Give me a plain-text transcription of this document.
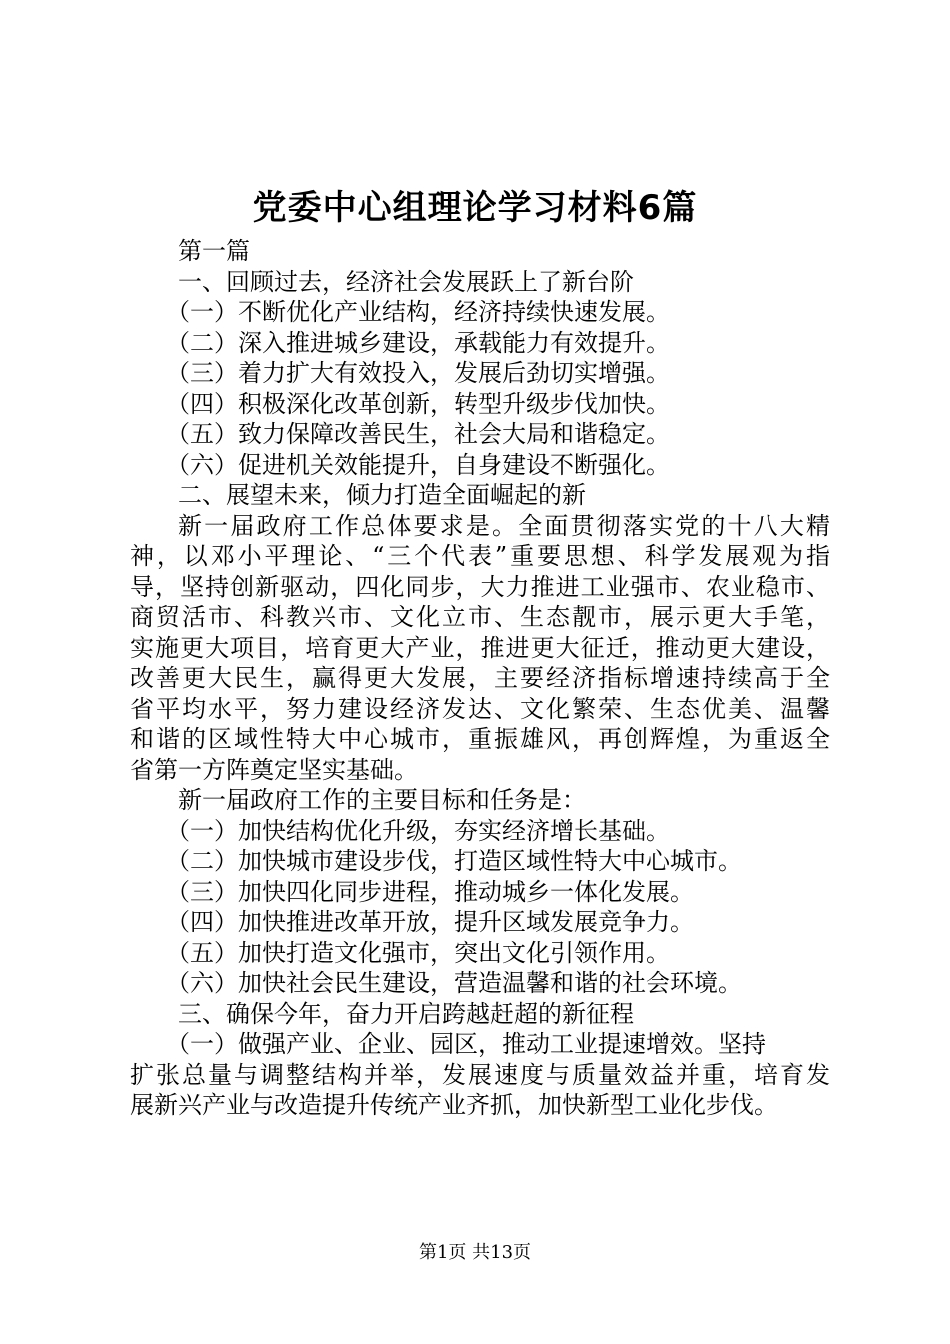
党委中心组理论学习材料6篇
第一篇
一、回顾过去，经济社会发展跃上了新台阶
（一）不断优化产业结构，经济持续快速发展。
（二）深入推进城乡建设，承载能力有效提升。
（三）着力扩大有效投入，发展后劲切实增强。
（四）积极深化改革创新，转型升级步伐加快。
（五）致力保障改善民生，社会大局和谐稳定。
（六）促进机关效能提升，自身建设不断强化。
二、展望未来，倾力打造全面崛起的新
新一届政府工作总体要求是。全面贯彻落实党的十八大精
神，以邓小平理论、“三个代表”重要思想、科学发展观为指
导，坚持创新驱动，四化同步，大力推进工业强市、农业稳市、
商贸活市、科教兴市、文化立市、生态靓市，展示更大手笔，
实施更大项目，培育更大产业，推进更大征迁，推动更大建设，
改善更大民生，赢得更大发展，主要经济指标增速持续高于全
省平均水平，努力建设经济发达、文化繁荣、生态优美、温馨
和谐的区域性特大中心城市，重振雄风，再创辉煌，为重返全
省第一方阵奠定坚实基础。
新一届政府工作的主要目标和任务是：
（一）加快结构优化升级，夯实经济增长基础。
（二）加快城市建设步伐，打造区域性特大中心城市。
（三）加快四化同步进程，推动城乡一体化发展。
（四）加快推进改革开放，提升区域发展竞争力。
（五）加快打造文化强市，突出文化引领作用。
（六）加快社会民生建设，营造温馨和谐的社会环境。
三、确保今年，奋力开启跨越赶超的新征程
（一）做强产业、企业、园区，推动工业提速增效。坚持
扩张总量与调整结构并举，发展速度与质量效益并重，培育发
展新兴产业与改造提升传统产业齐抓，加快新型工业化步伐。
第1页 共13页
